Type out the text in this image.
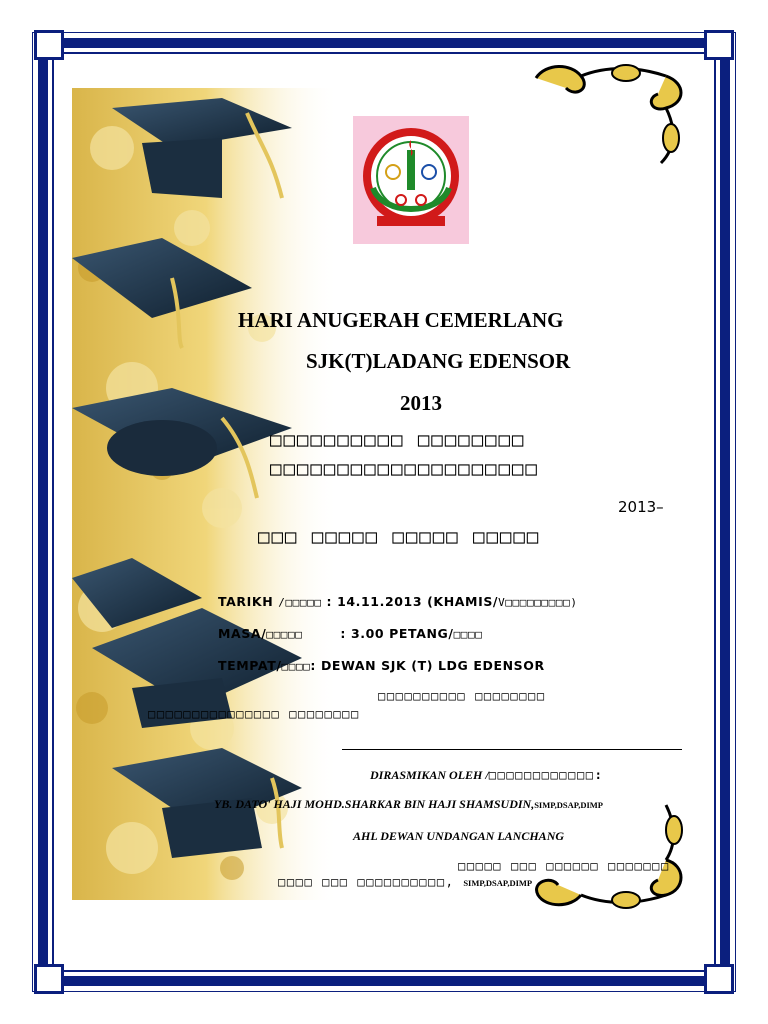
HARI ANUGERAH CEMERLANG
SJK(T)LADANG EDENSOR
2013
□□□□□□□□□□ □□□□□□□□
□□□□□□□□□□□□□□□□□□□□
2013–
□□□ □□□□□ □□□□□ □□□□□
TARIKH /□□□□□ : 14.11.2013 (KHAMIS/V□□□□□□□□□)
MASA/□□□□□	: 3.00 PETANG/□□□□
TEMPAT/□□□□: DEWAN SJK (T) LDG EDENSOR
□□□□□□□□□□ □□□□□□□□
□□□□□□□□□□□□□□□ □□□□□□□□
DIRASMIKAN OLEH /□□□□□□□□□□□□:
YB. DATO' HAJI MOHD.SHARKAR BIN HAJI SHAMSUDIN,SIMP,DSAP,DIMP
AHL DEWAN UNDANGAN LANCHANG
□□□□□ □□□ □□□□□□ □□□□□□□
□□□□ □□□ □□□□□□□□□□, SIMP,DSAP,DIMP
